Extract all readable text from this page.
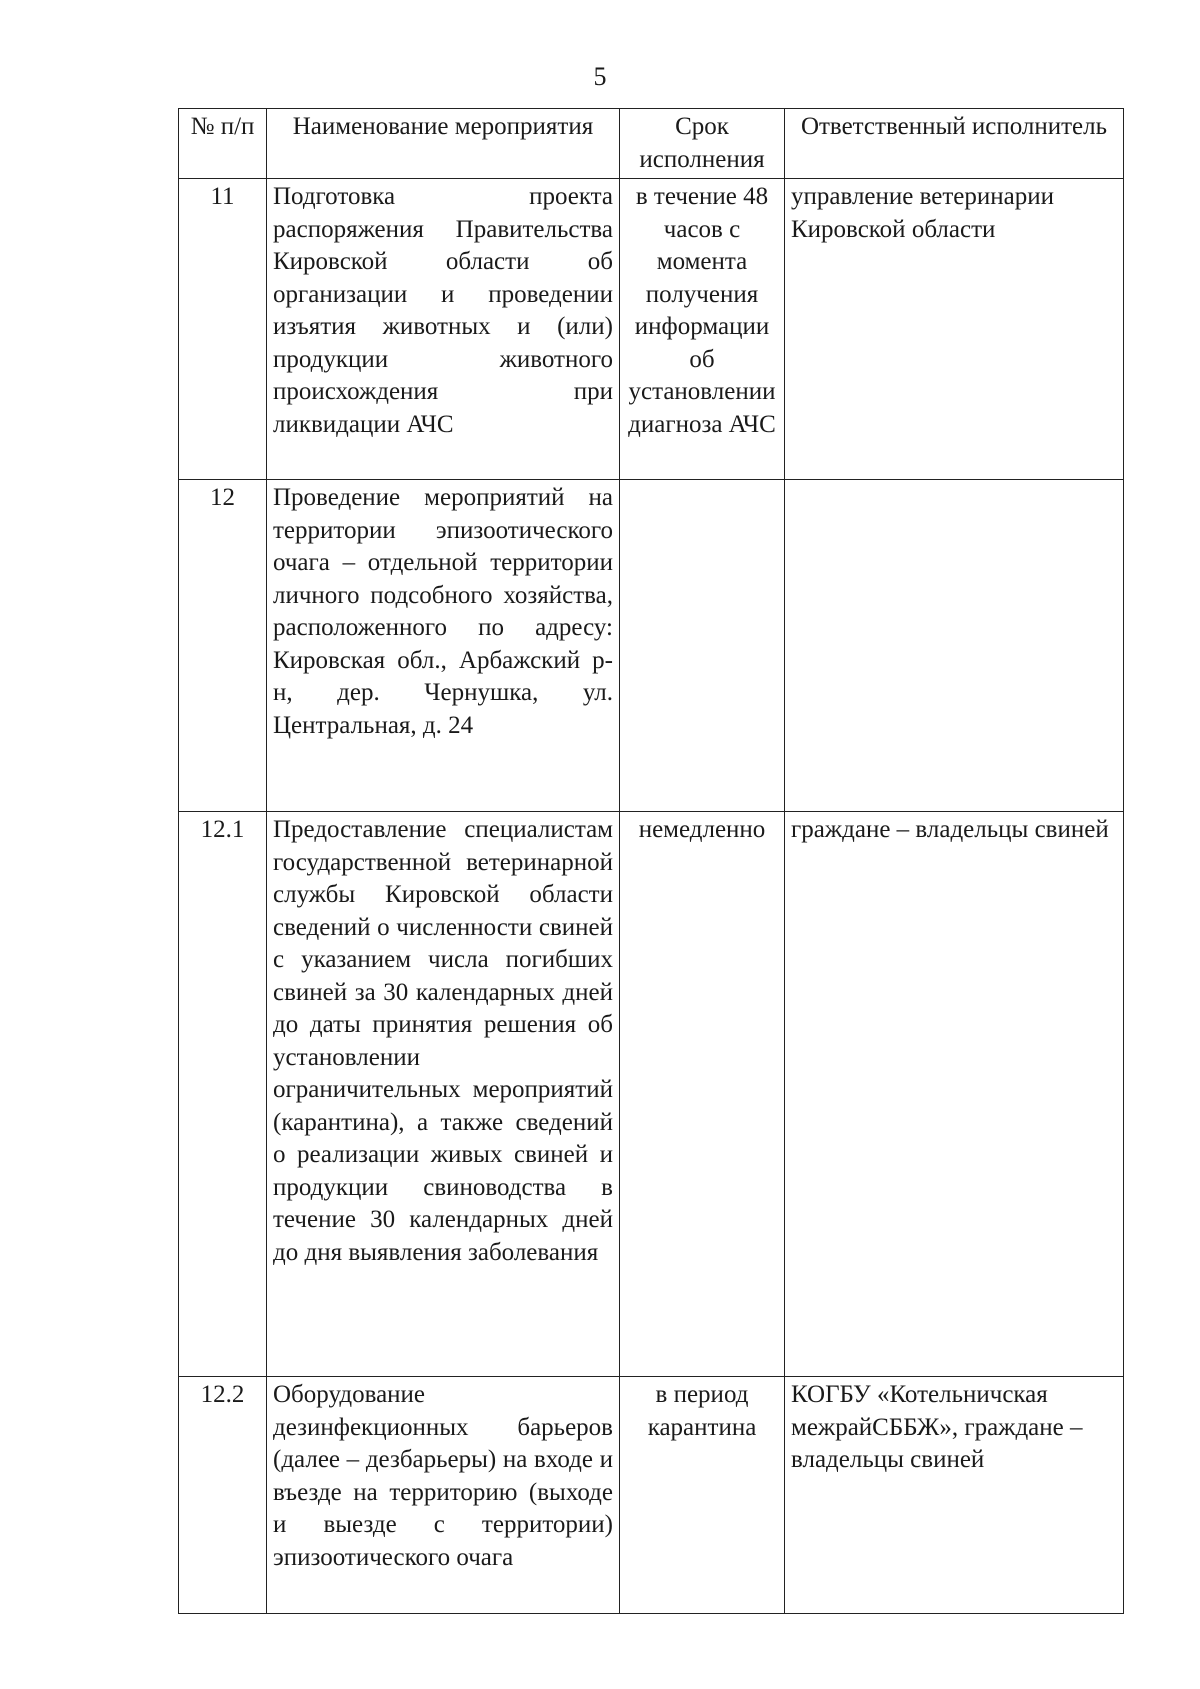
5
№ п/п	Наименование мероприятия	Срок исполнения	Ответственный исполнитель
11	Подготовка проекта распоряжения Правительства Кировской области об организации и проведении изъятия животных и (или) продукции животного происхождения при ликвидации АЧС	в течение 48 часов с момента получения информации об установлении диагноза АЧС	управление ветеринарии Кировской области
12	Проведение мероприятий на территории эпизоотического очага – отдельной территории личного подсобного хозяйства, расположенного по адресу: Кировская обл., Арбажский р-н, дер. Чернушка, ул. Центральная, д. 24		
12.1	Предоставление специалистам государственной ветеринарной службы Кировской области сведений о численности свиней с указанием числа погибших свиней за 30 календарных дней до даты принятия решения об установлении ограничительных мероприятий (карантина), а также сведений о реализации живых свиней и продукции свиноводства в течение 30 календарных дней до дня выявления заболевания	немедленно	граждане – владельцы свиней
12.2	Оборудование дезинфекционных барьеров (далее – дезбарьеры) на входе и въезде на территорию (выходе и выезде с территории) эпизоотического очага	в период карантина	КОГБУ «Котельничская межрайСББЖ», граждане – владельцы свиней
